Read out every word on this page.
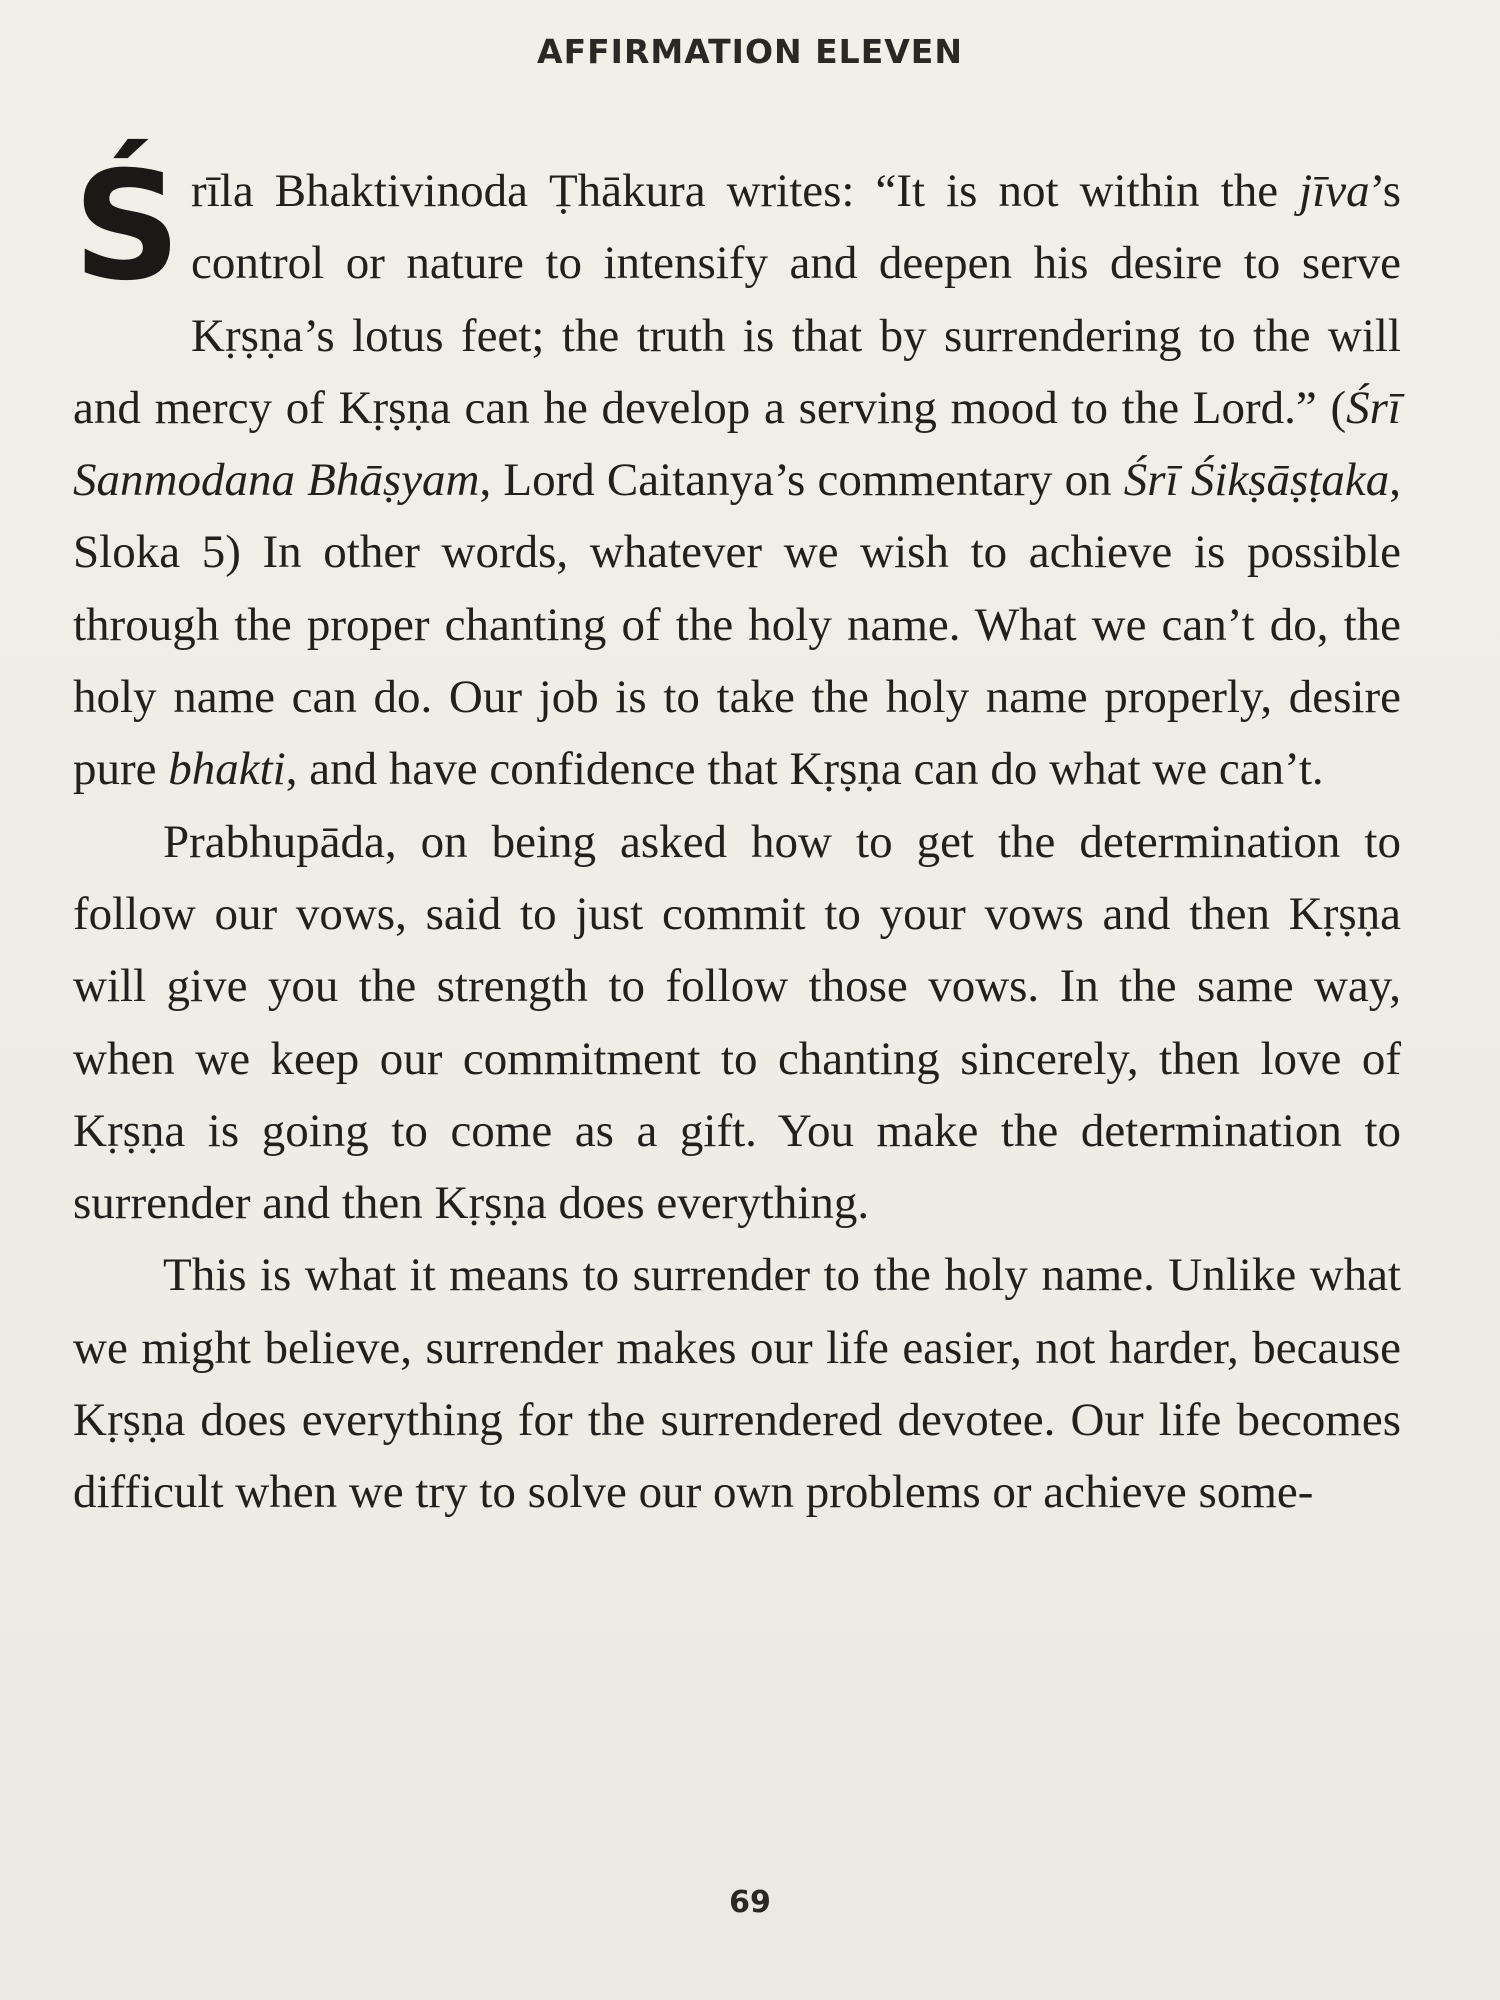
AFFIRMATION ELEVEN

Śrīla Bhaktivinoda Ṭhākura writes: “It is not within the jīva’s control or nature to intensify and deepen his desire to serve Kṛṣṇa’s lotus feet; the truth is that by surrendering to the will and mercy of Kṛṣṇa can he develop a serving mood to the Lord.” (Śrī Sanmodana Bhāṣyam, Lord Caitanya’s commentary on Śrī Śikṣāṣṭaka, Sloka 5) In other words, whatever we wish to achieve is possible through the proper chanting of the holy name. What we can’t do, the holy name can do. Our job is to take the holy name properly, desire pure bhakti, and have confidence that Kṛṣṇa can do what we can’t.

Prabhupāda, on being asked how to get the determination to follow our vows, said to just commit to your vows and then Kṛṣṇa will give you the strength to follow those vows. In the same way, when we keep our commitment to chanting sincerely, then love of Kṛṣṇa is going to come as a gift. You make the determination to surrender and then Kṛṣṇa does everything.

This is what it means to surrender to the holy name. Unlike what we might believe, surrender makes our life easier, not harder, because Kṛṣṇa does everything for the surrendered devotee. Our life becomes difficult when we try to solve our own problems or achieve some-

69
